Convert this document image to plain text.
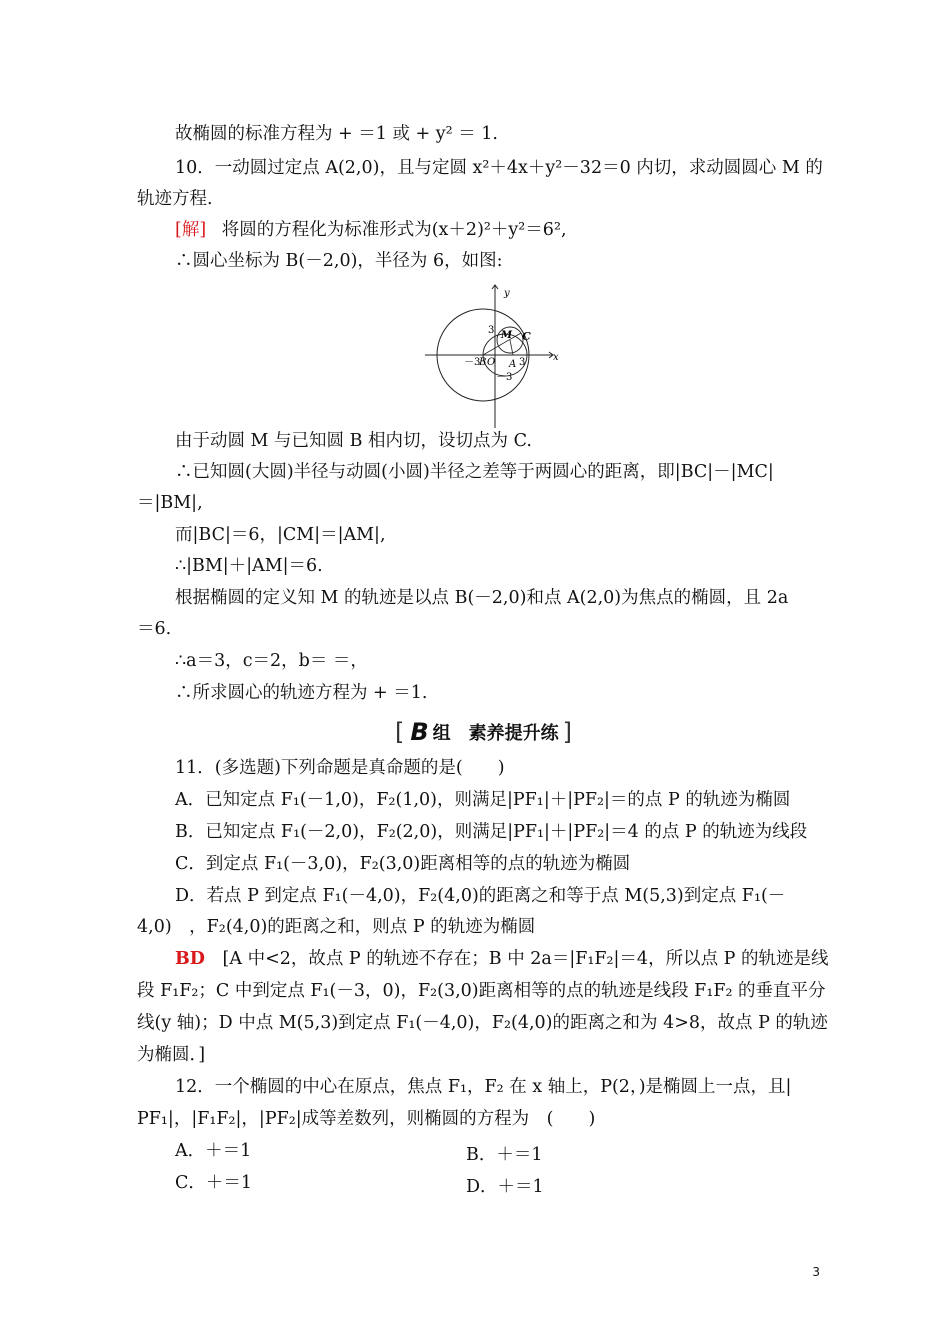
故椭圆的标准方程为 + ＝1 或 + y² ＝ 1.
10．一动圆过定点 A(2,0)，且与定圆 x²＋4x＋y²－32＝0 内切，求动圆圆心 M 的
轨迹方程.
[解] 将圆的方程化为标准形式为(x＋2)²＋y²＝6²,
∴圆心坐标为 B(－2,0)，半径为 6，如图:
y
x
M C
－3
B O A 3
3
－3
由于动圆 M 与已知圆 B 相内切，设切点为 C.
∴已知圆(大圆)半径与动圆(小圆)半径之差等于两圆心的距离，即|BC|－|MC|
＝|BM|,
而|BC|＝6，|CM|＝|AM|,
∴|BM|＋|AM|＝6.
根据椭圆的定义知 M 的轨迹是以点 B(－2,0)和点 A(2,0)为焦点的椭圆，且 2a
＝6.
∴a＝3，c＝2，b＝ ＝，
∴所求圆心的轨迹方程为 + ＝1.
[ B 组　素养提升练 ]
11．(多选题)下列命题是真命题的是(　　)
A．已知定点 F₁(－1,0)，F₂(1,0)，则满足|PF₁|＋|PF₂|＝的点 P 的轨迹为椭圆
B．已知定点 F₁(－2,0)，F₂(2,0)，则满足|PF₁|＋|PF₂|＝4 的点 P 的轨迹为线段
C．到定点 F₁(－3,0)，F₂(3,0)距离相等的点的轨迹为椭圆
D．若点 P 到定点 F₁(－4,0)，F₂(4,0)的距离之和等于点 M(5,3)到定点 F₁(－
4,0)　，F₂(4,0)的距离之和，则点 P 的轨迹为椭圆
BD [A 中<2，故点 P 的轨迹不存在；B 中 2a＝|F₁F₂|＝4，所以点 P 的轨迹是线
段 F₁F₂；C 中到定点 F₁(－3，0)，F₂(3,0)距离相等的点的轨迹是线段 F₁F₂ 的垂直平分
线(y 轴)；D 中点 M(5,3)到定点 F₁(－4,0)，F₂(4,0)的距离之和为 4>8，故点 P 的轨迹
为椭圆．]
12．一个椭圆的中心在原点，焦点 F₁，F₂ 在 x 轴上，P(2，)是椭圆上一点，且|
PF₁|，|F₁F₂|，|PF₂|成等差数列，则椭圆的方程为　(　　)
A．＋＝1	B．＋＝1
C．＋＝1	D．＋＝1
3
